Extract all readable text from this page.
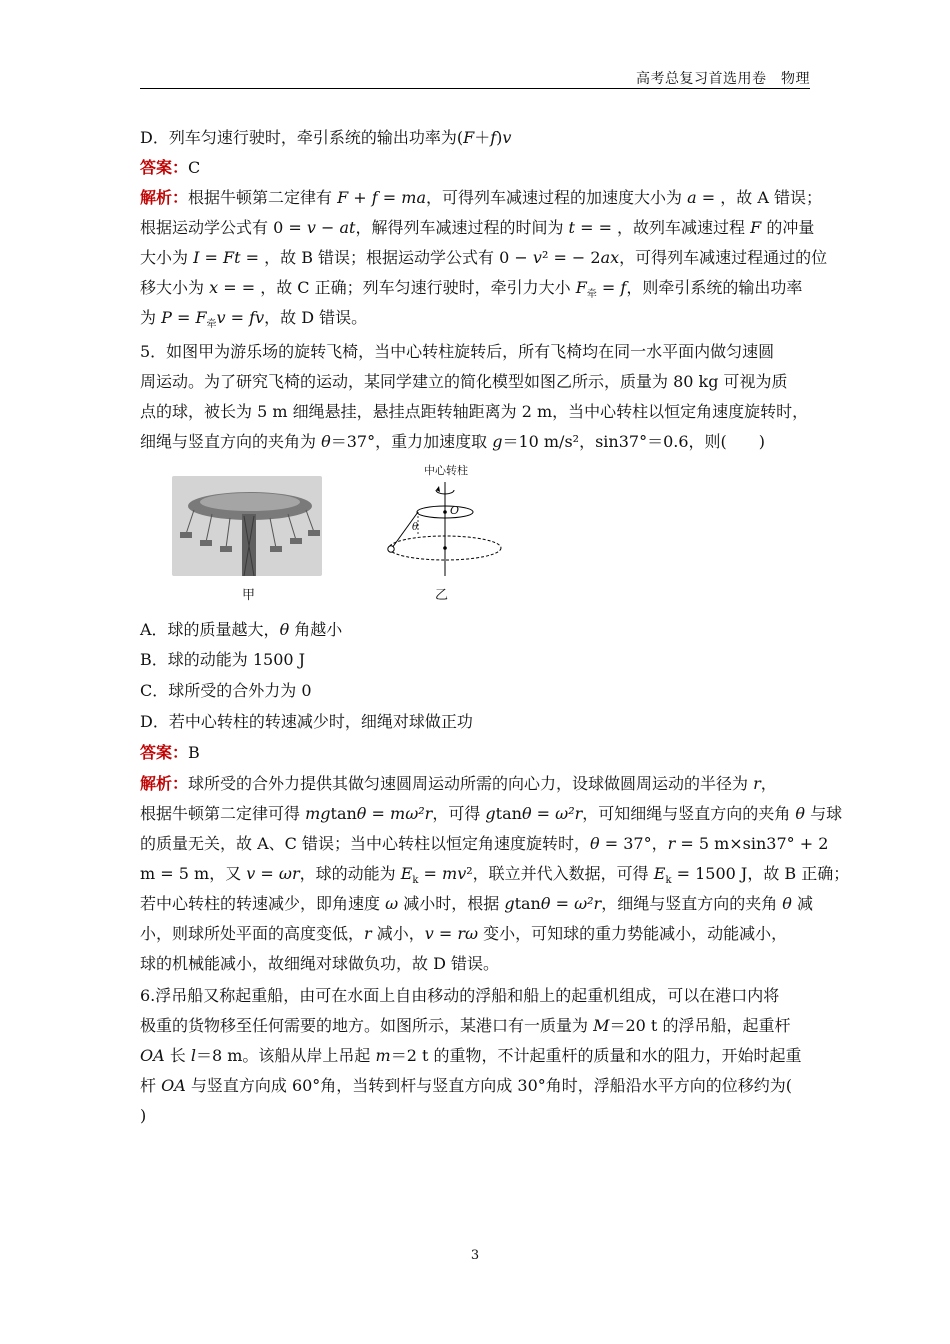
高考总复习首选用卷　物理
D．列车匀速行驶时，牵引系统的输出功率为(F＋f)v
答案：C
解析：根据牛顿第二定律有 F + f = ma，可得列车减速过程的加速度大小为 a = ，故 A 错误；
根据运动学公式有 0 = v − at，解得列车减速过程的时间为 t = = ，故列车减速过程 F 的冲量
大小为 I = Ft = ，故 B 错误；根据运动学公式有 0 − v² = − 2ax，可得列车减速过程通过的位
移大小为 x = = ，故 C 正确；列车匀速行驶时，牵引力大小 $F_牵 = f$，则牵引系统的输出功率
为 $P = F_牵v$ = fv，故 D 错误。
5．如图甲为游乐场的旋转飞椅，当中心转柱旋转后，所有飞椅均在同一水平面内做匀速圆
周运动。为了研究飞椅的运动，某同学建立的简化模型如图乙所示，质量为 80 kg 可视为质
点的球，被长为 5 m 细绳悬挂，悬挂点距转轴距离为 2 m，当中心转柱以恒定角速度旋转时，
细绳与竖直方向的夹角为 θ＝37°，重力加速度取 g＝10 m/s²，sin37°＝0.6，则(　　)
A．球的质量越大，θ 角越小
B．球的动能为 1500 J
C．球所受的合外力为 0
D．若中心转柱的转速减少时，细绳对球做正功
答案：B
解析：球所受的合外力提供其做匀速圆周运动所需的向心力，设球做圆周运动的半径为 r，
根据牛顿第二定律可得 mgtanθ = mω²r，可得 gtanθ = ω²r，可知细绳与竖直方向的夹角 θ 与球
的质量无关，故 A、C 错误；当中心转柱以恒定角速度旋转时，θ = 37°，r = 5 m×sin37° + 2
m = 5 m，又 v = ωr，球的动能为 $E_k = mv^2$，联立并代入数据，可得 $E_k = 1500$ J，故 B 正确；
若中心转柱的转速减少，即角速度 ω 减小时，根据 gtanθ = ω²r，细绳与竖直方向的夹角 θ 减
小，则球所处平面的高度变低，r 减小，v = rω 变小，可知球的重力势能减小，动能减小，
球的机械能减小，故细绳对球做负功，故 D 错误。
6.浮吊船又称起重船，由可在水面上自由移动的浮船和船上的起重机组成，可以在港口内将
极重的货物移至任何需要的地方。如图所示，某港口有一质量为 M＝20 t 的浮吊船，起重杆
OA 长 l＝8 m。该船从岸上吊起 m＝2 t 的重物，不计起重杆的质量和水的阻力，开始时起重
杆 OA 与竖直方向成 60°角，当转到杆与竖直方向成 30°角时，浮船沿水平方向的位移约为(
)
甲
中心转柱
O
θ
乙
3
